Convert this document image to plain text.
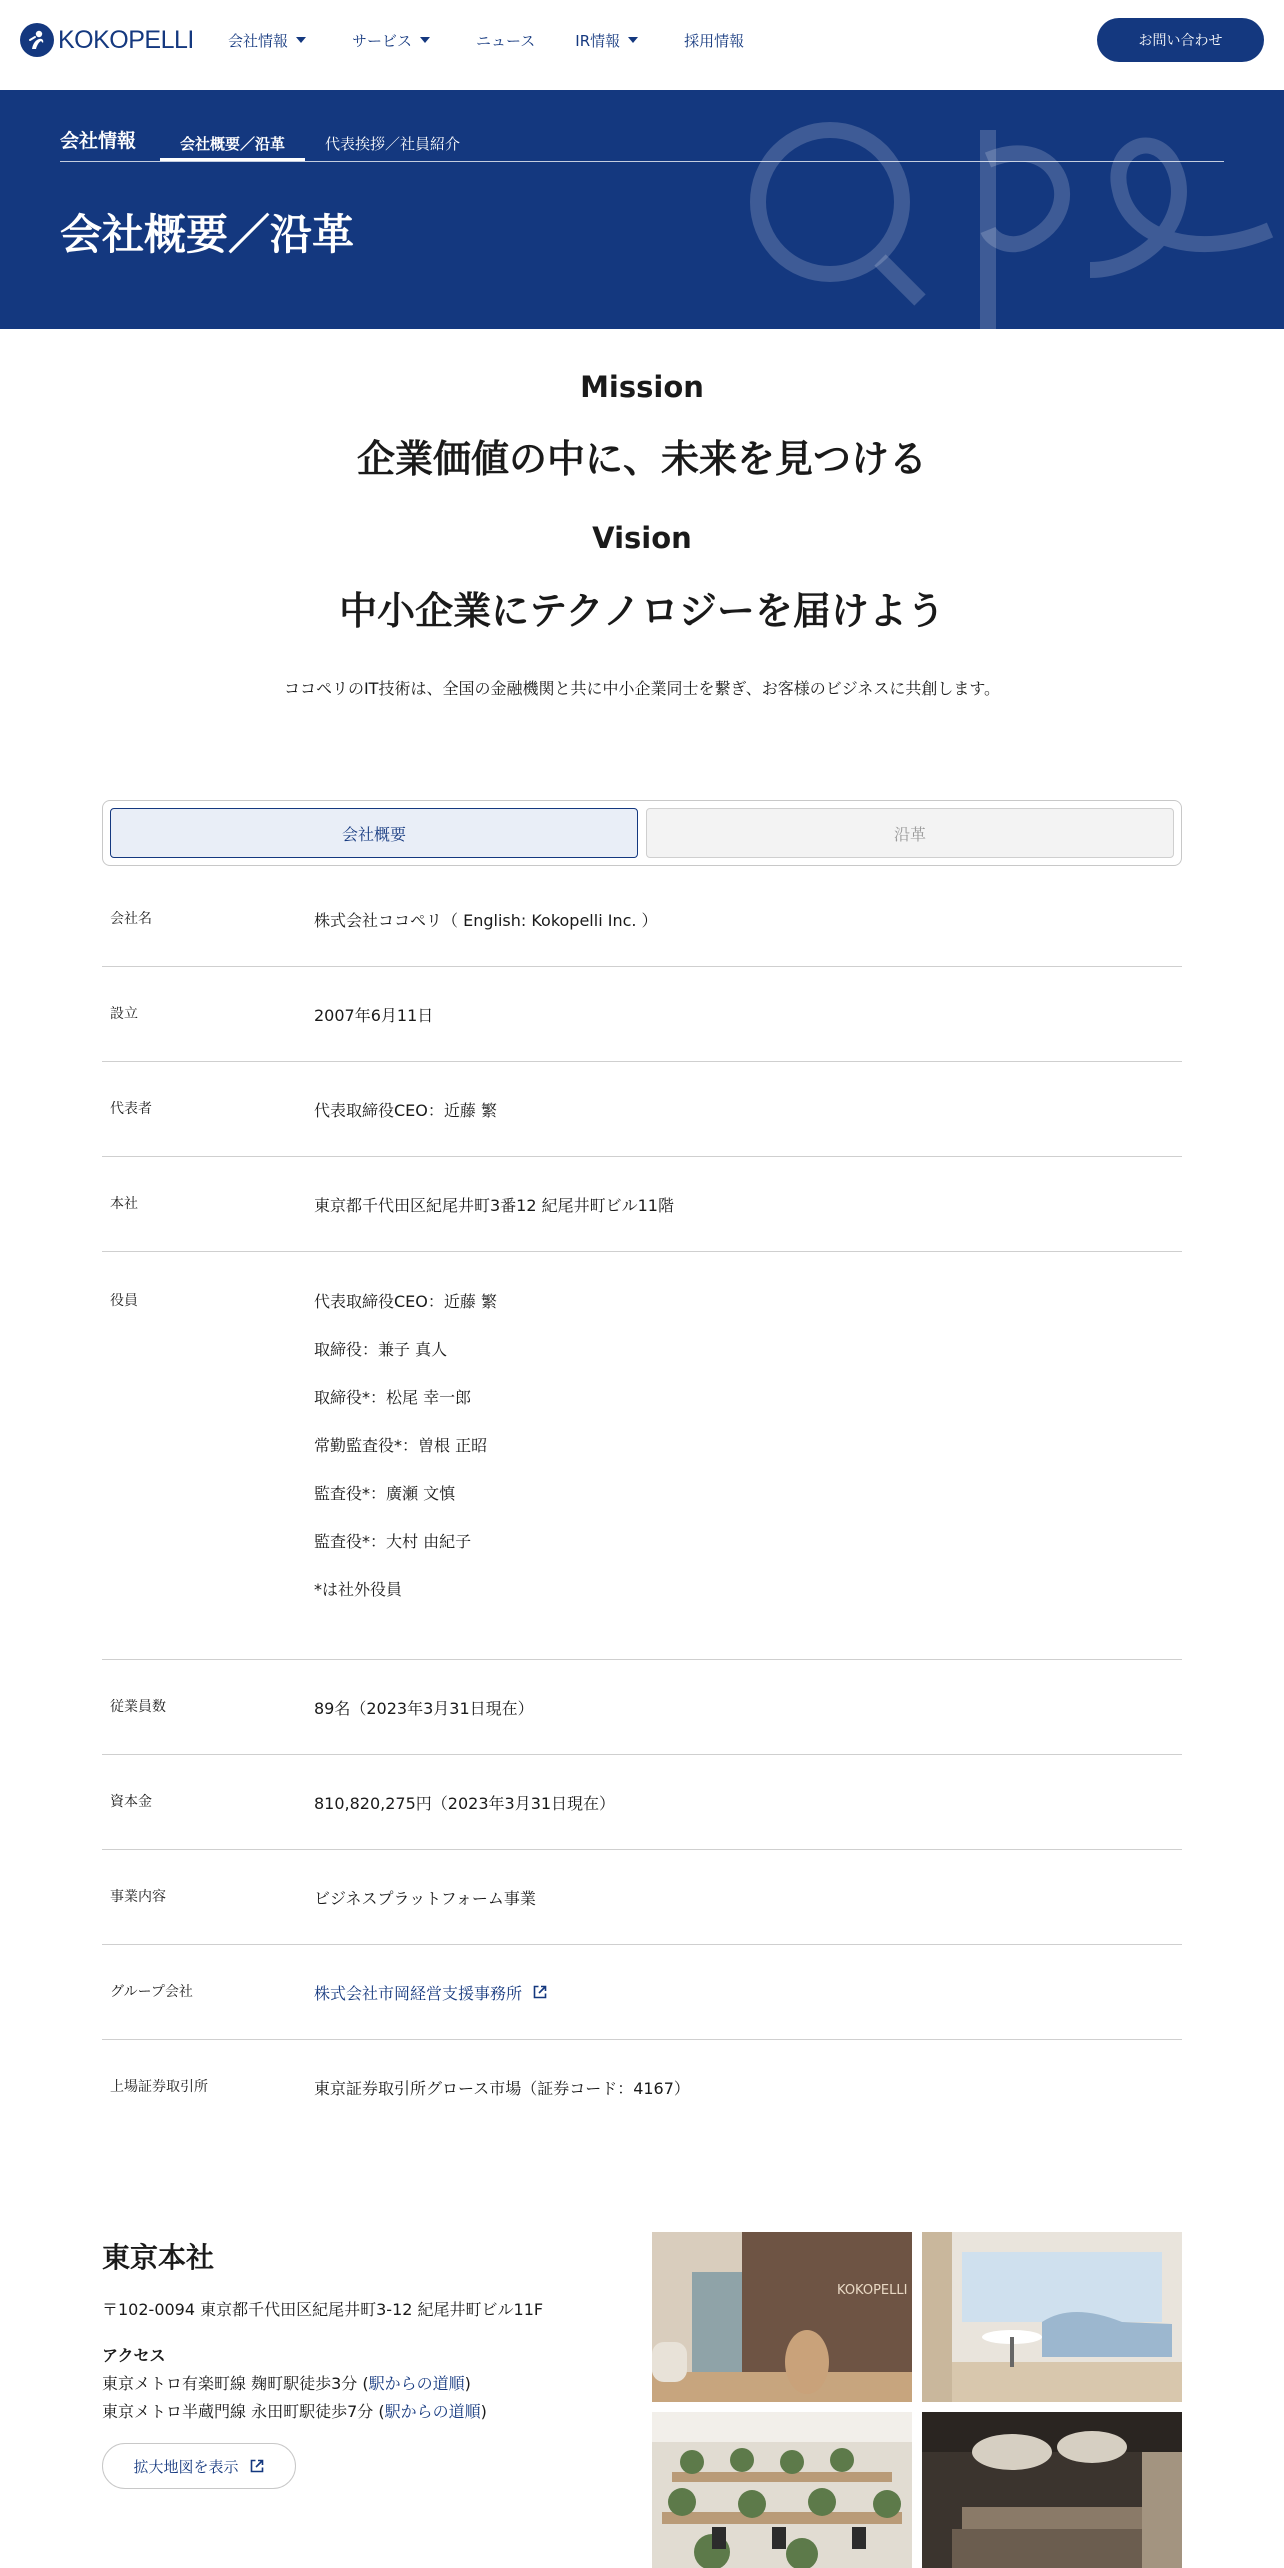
KOKOPELLI 会社情報	サービス	ニュース	IR情報	採用情報	お問い合わせ
会社情報	会社概要／沿革	代表挨拶／社員紹介
会社概要／沿革
Mission
企業価値の中に、未来を見つける
Vision
中小企業にテクノロジーを届けよう
ココペリのIT技術は、全国の金融機関と共に中小企業同士を繋ぎ、お客様のビジネスに共創します。
会社概要	沿革
会社名	株式会社ココペリ（ English: Kokopelli Inc. ）
設立	2007年6月11日
代表者	代表取締役CEO：近藤 繁
本社	東京都千代田区紀尾井町3番12 紀尾井町ビル11階
役員	代表取締役CEO：近藤 繁
取締役：兼子 真人
取締役*：松尾 幸一郎
常勤監査役*：曽根 正昭
監査役*：廣瀬 文慎
監査役*：大村 由紀子
*は社外役員
従業員数	89名（2023年3月31日現在）
資本金	810,820,275円（2023年3月31日現在）
事業内容	ビジネスプラットフォーム事業
グループ会社	株式会社市岡経営支援事務所
上場証券取引所	東京証券取引所グロース市場（証券コード：4167）
東京本社
〒102-0094 東京都千代田区紀尾井町3-12 紀尾井町ビル11F
アクセス
東京メトロ有楽町線 麹町駅徒歩3分 (駅からの道順)
東京メトロ半蔵門線 永田町駅徒歩7分 (駅からの道順)
拡大地図を表示
KOKOPELLI
